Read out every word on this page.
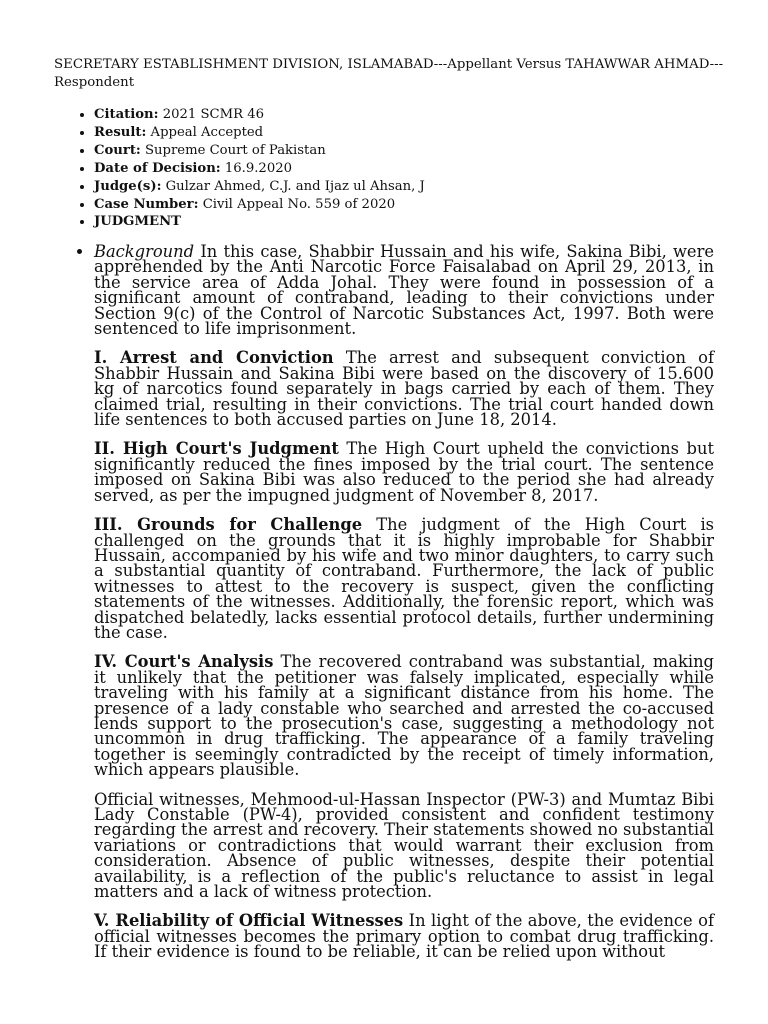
SECRETARY ESTABLISHMENT DIVISION, ISLAMABAD---Appellant Versus TAHAWWAR AHMAD---Respondent
• Citation: 2021 SCMR 46
• Result: Appeal Accepted
• Court: Supreme Court of Pakistan
• Date of Decision: 16.9.2020
• Judge(s): Gulzar Ahmed, C.J. and Ijaz ul Ahsan, J
• Case Number: Civil Appeal No. 559 of 2020
• JUDGMENT

• Background In this case, Shabbir Hussain and his wife, Sakina Bibi, were apprehended by the Anti Narcotic Force Faisalabad on April 29, 2013, in the service area of Adda Johal. They were found in possession of a significant amount of contraband, leading to their convictions under Section 9(c) of the Control of Narcotic Substances Act, 1997. Both were sentenced to life imprisonment.

I. Arrest and Conviction The arrest and subsequent conviction of Shabbir Hussain and Sakina Bibi were based on the discovery of 15.600 kg of narcotics found separately in bags carried by each of them. They claimed trial, resulting in their convictions. The trial court handed down life sentences to both accused parties on June 18, 2014.

II. High Court's Judgment The High Court upheld the convictions but significantly reduced the fines imposed by the trial court. The sentence imposed on Sakina Bibi was also reduced to the period she had already served, as per the impugned judgment of November 8, 2017.

III. Grounds for Challenge The judgment of the High Court is challenged on the grounds that it is highly improbable for Shabbir Hussain, accompanied by his wife and two minor daughters, to carry such a substantial quantity of contraband. Furthermore, the lack of public witnesses to attest to the recovery is suspect, given the conflicting statements of the witnesses. Additionally, the forensic report, which was dispatched belatedly, lacks essential protocol details, further undermining the case.

IV. Court's Analysis The recovered contraband was substantial, making it unlikely that the petitioner was falsely implicated, especially while traveling with his family at a significant distance from his home. The presence of a lady constable who searched and arrested the co-accused lends support to the prosecution's case, suggesting a methodology not uncommon in drug trafficking. The appearance of a family traveling together is seemingly contradicted by the receipt of timely information, which appears plausible.

Official witnesses, Mehmood-ul-Hassan Inspector (PW-3) and Mumtaz Bibi Lady Constable (PW-4), provided consistent and confident testimony regarding the arrest and recovery. Their statements showed no substantial variations or contradictions that would warrant their exclusion from consideration. Absence of public witnesses, despite their potential availability, is a reflection of the public's reluctance to assist in legal matters and a lack of witness protection.

V. Reliability of Official Witnesses In light of the above, the evidence of official witnesses becomes the primary option to combat drug trafficking. If their evidence is found to be reliable, it can be relied upon without
